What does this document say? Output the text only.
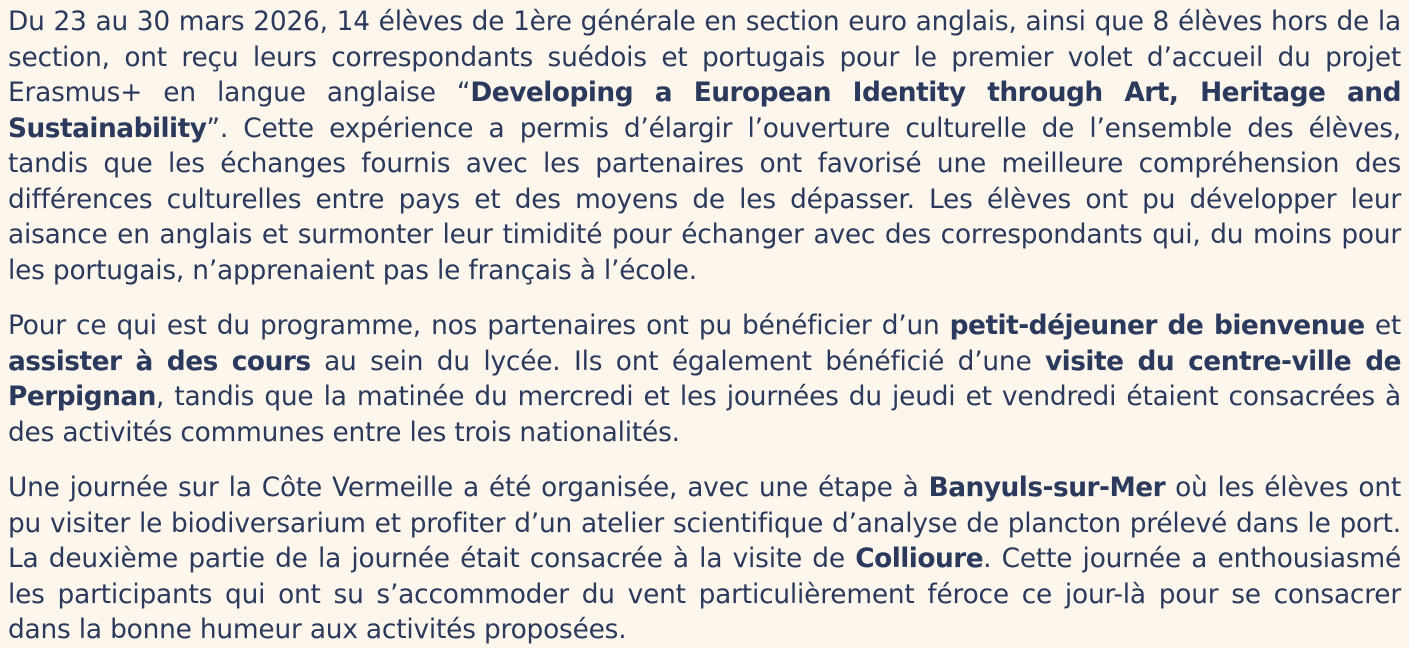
Du 23 au 30 mars 2026, 14 élèves de 1ère générale en section euro anglais, ainsi que 8 élèves hors de la section, ont reçu leurs correspondants suédois et portugais pour le premier volet d’accueil du projet Erasmus+ en langue anglaise “Developing a European Identity through Art, Heritage and Sustainability”. Cette expérience a permis d’élargir l’ouverture culturelle de l’ensemble des élèves, tandis que les échanges fournis avec les partenaires ont favorisé une meilleure compréhension des différences culturelles entre pays et des moyens de les dépasser. Les élèves ont pu développer leur aisance en anglais et surmonter leur timidité pour échanger avec des correspondants qui, du moins pour les portugais, n’apprenaient pas le français à l’école.

Pour ce qui est du programme, nos partenaires ont pu bénéficier d’un petit-déjeuner de bienvenue et assister à des cours au sein du lycée. Ils ont également bénéficié d’une visite du centre-ville de Perpignan, tandis que la matinée du mercredi et les journées du jeudi et vendredi étaient consacrées à des activités communes entre les trois nationalités.

Une journée sur la Côte Vermeille a été organisée, avec une étape à Banyuls-sur-Mer où les élèves ont pu visiter le biodiversarium et profiter d’un atelier scientifique d’analyse de plancton prélevé dans le port. La deuxième partie de la journée était consacrée à la visite de Collioure. Cette journée a enthousiasmé les participants qui ont su s’accommoder du vent particulièrement féroce ce jour-là pour se consacrer dans la bonne humeur aux activités proposées.
